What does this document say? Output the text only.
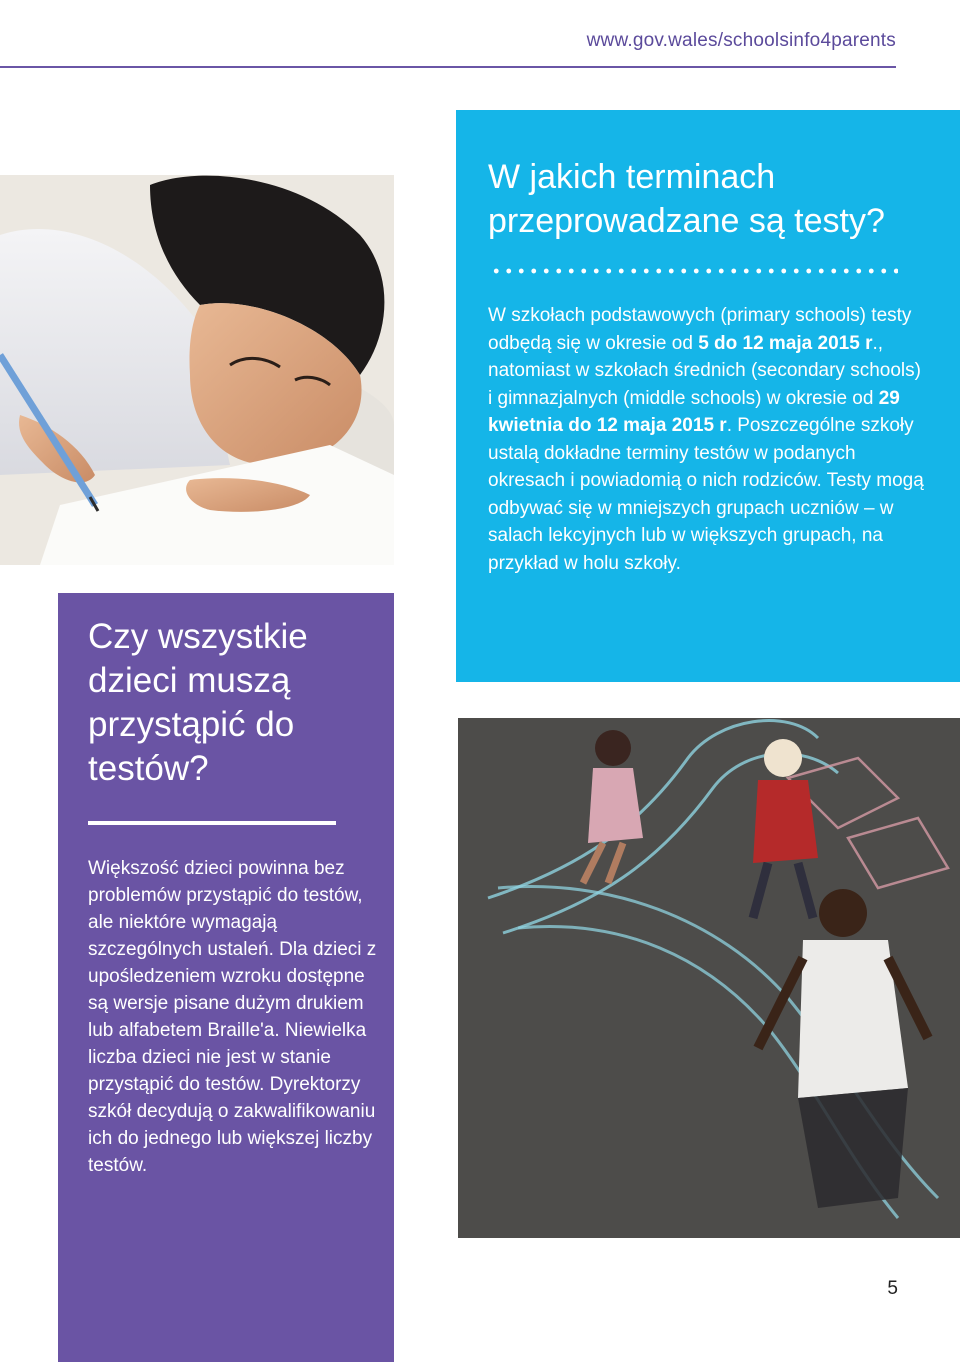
www.gov.wales/schoolsinfo4parents
Czy wszystkie dzieci muszą przystąpić do testów?

Większość dzieci powinna bez problemów przystąpić do testów, ale niektóre wymagają szczególnych ustaleń. Dla dzieci z upośledzeniem wzroku dostępne są wersje pisane dużym drukiem lub alfabetem Braille'a. Niewielka liczba dzieci nie jest w stanie przystąpić do testów. Dyrektorzy szkół decydują o zakwalifikowaniu ich do jednego lub większej liczby testów.

W jakich terminach przeprowadzane są testy?

W szkołach podstawowych (primary schools) testy odbędą się w okresie od 5 do 12 maja 2015 r., natomiast w szkołach średnich (secondary schools) i gimnazjalnych (middle schools) w okresie od 29 kwietnia do 12 maja 2015 r. Poszczególne szkoły ustalą dokładne terminy testów w podanych okresach i powiadomią o nich rodziców. Testy mogą odbywać się w mniejszych grupach uczniów – w salach lekcyjnych lub w większych grupach, na przykład w holu szkoły.

5
